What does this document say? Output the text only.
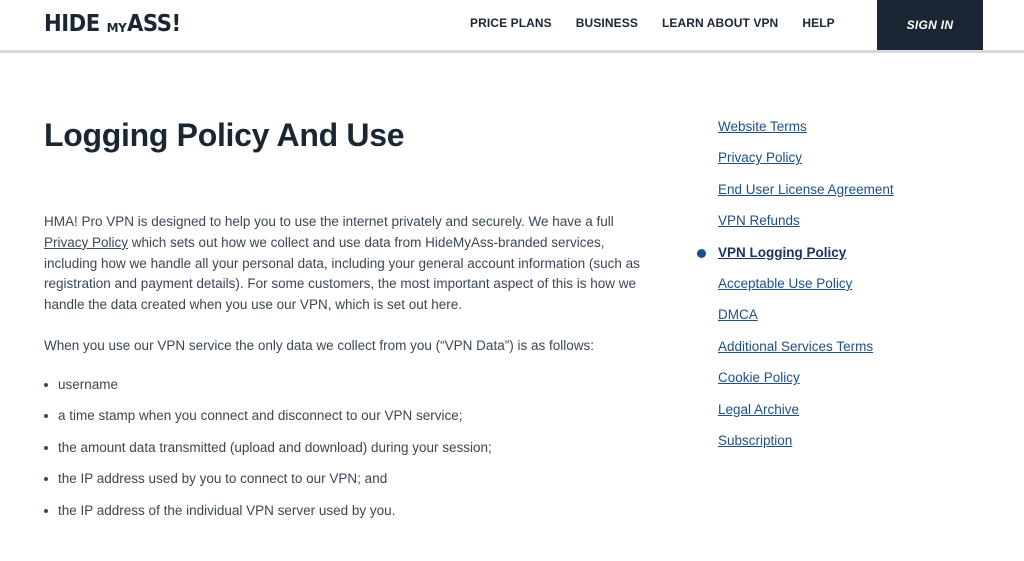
HIDE MY ASS!	PRICE PLANS BUSINESS LEARN ABOUT VPN HELP	SIGN IN
Logging Policy And Use

HMA! Pro VPN is designed to help you to use the internet privately and securely. We have a full Privacy Policy which sets out how we collect and use data from HideMyAss-branded services, including how we handle all your personal data, including your general account information (such as registration and payment details). For some customers, the most important aspect of this is how we handle the data created when you use our VPN, which is set out here.

When you use our VPN service the only data we collect from you (“VPN Data”) is as follows:

username
a time stamp when you connect and disconnect to our VPN service;
the amount data transmitted (upload and download) during your session;
the IP address used by you to connect to our VPN; and
the IP address of the individual VPN server used by you.
Website Terms
Privacy Policy
End User License Agreement
VPN Refunds
VPN Logging Policy
Acceptable Use Policy
DMCA
Additional Services Terms
Cookie Policy
Legal Archive
Subscription
